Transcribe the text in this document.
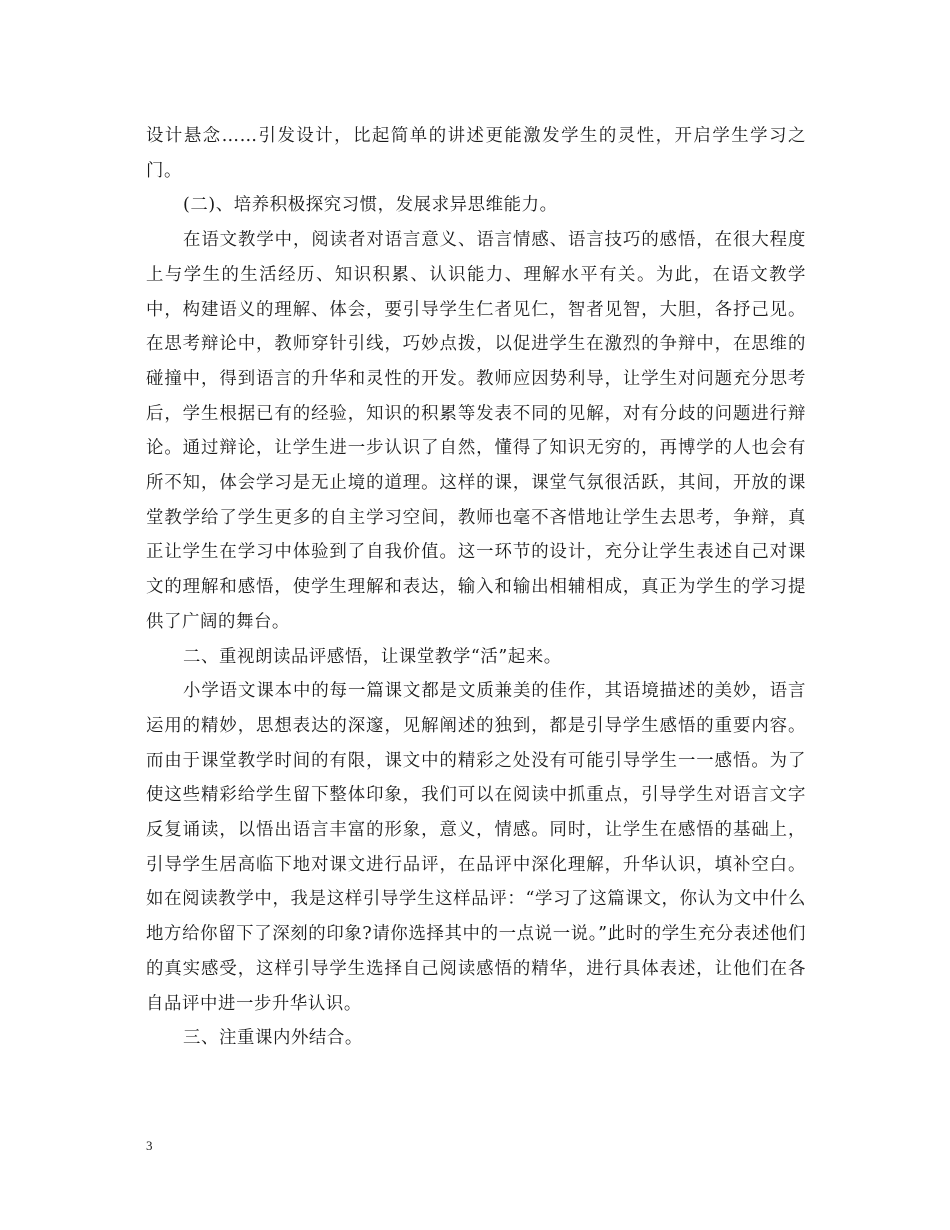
设计悬念……引发设计，比起简单的讲述更能激发学生的灵性，开启学生学习之门。

(二)、培养积极探究习惯，发展求异思维能力。

在语文教学中，阅读者对语言意义、语言情感、语言技巧的感悟，在很大程度上与学生的生活经历、知识积累、认识能力、理解水平有关。为此，在语文教学中，构建语义的理解、体会，要引导学生仁者见仁，智者见智，大胆，各抒己见。在思考辩论中，教师穿针引线，巧妙点拨，以促进学生在激烈的争辩中，在思维的碰撞中，得到语言的升华和灵性的开发。教师应因势利导，让学生对问题充分思考后，学生根据已有的经验，知识的积累等发表不同的见解，对有分歧的问题进行辩论。通过辩论，让学生进一步认识了自然，懂得了知识无穷的，再博学的人也会有所不知，体会学习是无止境的道理。这样的课，课堂气氛很活跃，其间，开放的课堂教学给了学生更多的自主学习空间，教师也毫不吝惜地让学生去思考，争辩，真正让学生在学习中体验到了自我价值。这一环节的设计，充分让学生表述自己对课文的理解和感悟，使学生理解和表达，输入和输出相辅相成，真正为学生的学习提供了广阔的舞台。

二、重视朗读品评感悟，让课堂教学“活”起来。

小学语文课本中的每一篇课文都是文质兼美的佳作，其语境描述的美妙，语言运用的精妙，思想表达的深邃，见解阐述的独到，都是引导学生感悟的重要内容。而由于课堂教学时间的有限，课文中的精彩之处没有可能引导学生一一感悟。为了使这些精彩给学生留下整体印象，我们可以在阅读中抓重点，引导学生对语言文字反复诵读，以悟出语言丰富的形象，意义，情感。同时，让学生在感悟的基础上，引导学生居高临下地对课文进行品评，在品评中深化理解，升华认识，填补空白。如在阅读教学中，我是这样引导学生这样品评：“学习了这篇课文，你认为文中什么地方给你留下了深刻的印象?请你选择其中的一点说一说。”此时的学生充分表述他们的真实感受，这样引导学生选择自己阅读感悟的精华，进行具体表述，让他们在各自品评中进一步升华认识。

三、注重课内外结合。

3
